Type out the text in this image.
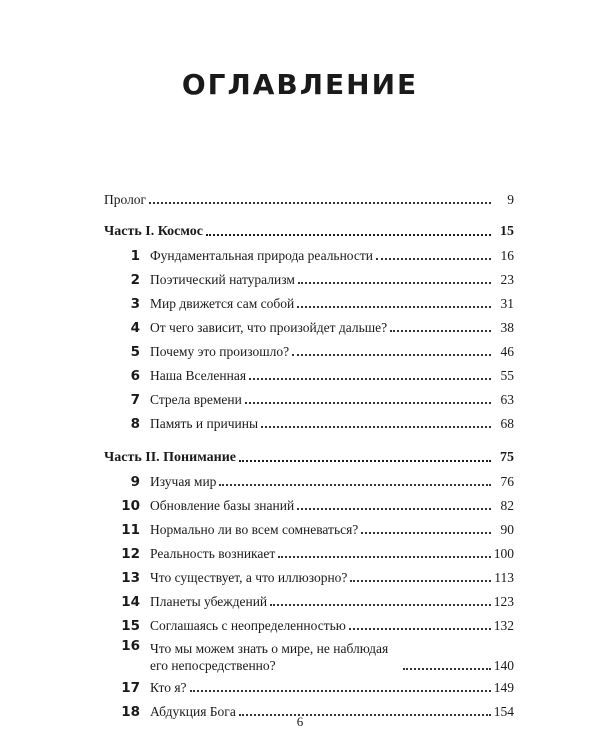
ОГЛАВЛЕНИЕ
Пролог	9
Часть I. Космос	15
1 Фундаментальная природа реальности	16
2 Поэтический натурализм	23
3 Мир движется сам собой	31
4 От чего зависит, что произойдет дальше?	38
5 Почему это произошло?	46
6 Наша Вселенная	55
7 Стрела времени	63
8 Память и причины	68
Часть II. Понимание	75
9 Изучая мир	76
10 Обновление базы знаний	82
11 Нормально ли во всем сомневаться?	90
12 Реальность возникает	100
13 Что существует, а что иллюзорно?	113
14 Планеты убеждений	123
15 Соглашаясь с неопределенностью	132
16 Что мы можем знать о мире, не наблюдая его непосредственно?	140
17 Кто я?	149
18 Абдукция Бога	154
6
